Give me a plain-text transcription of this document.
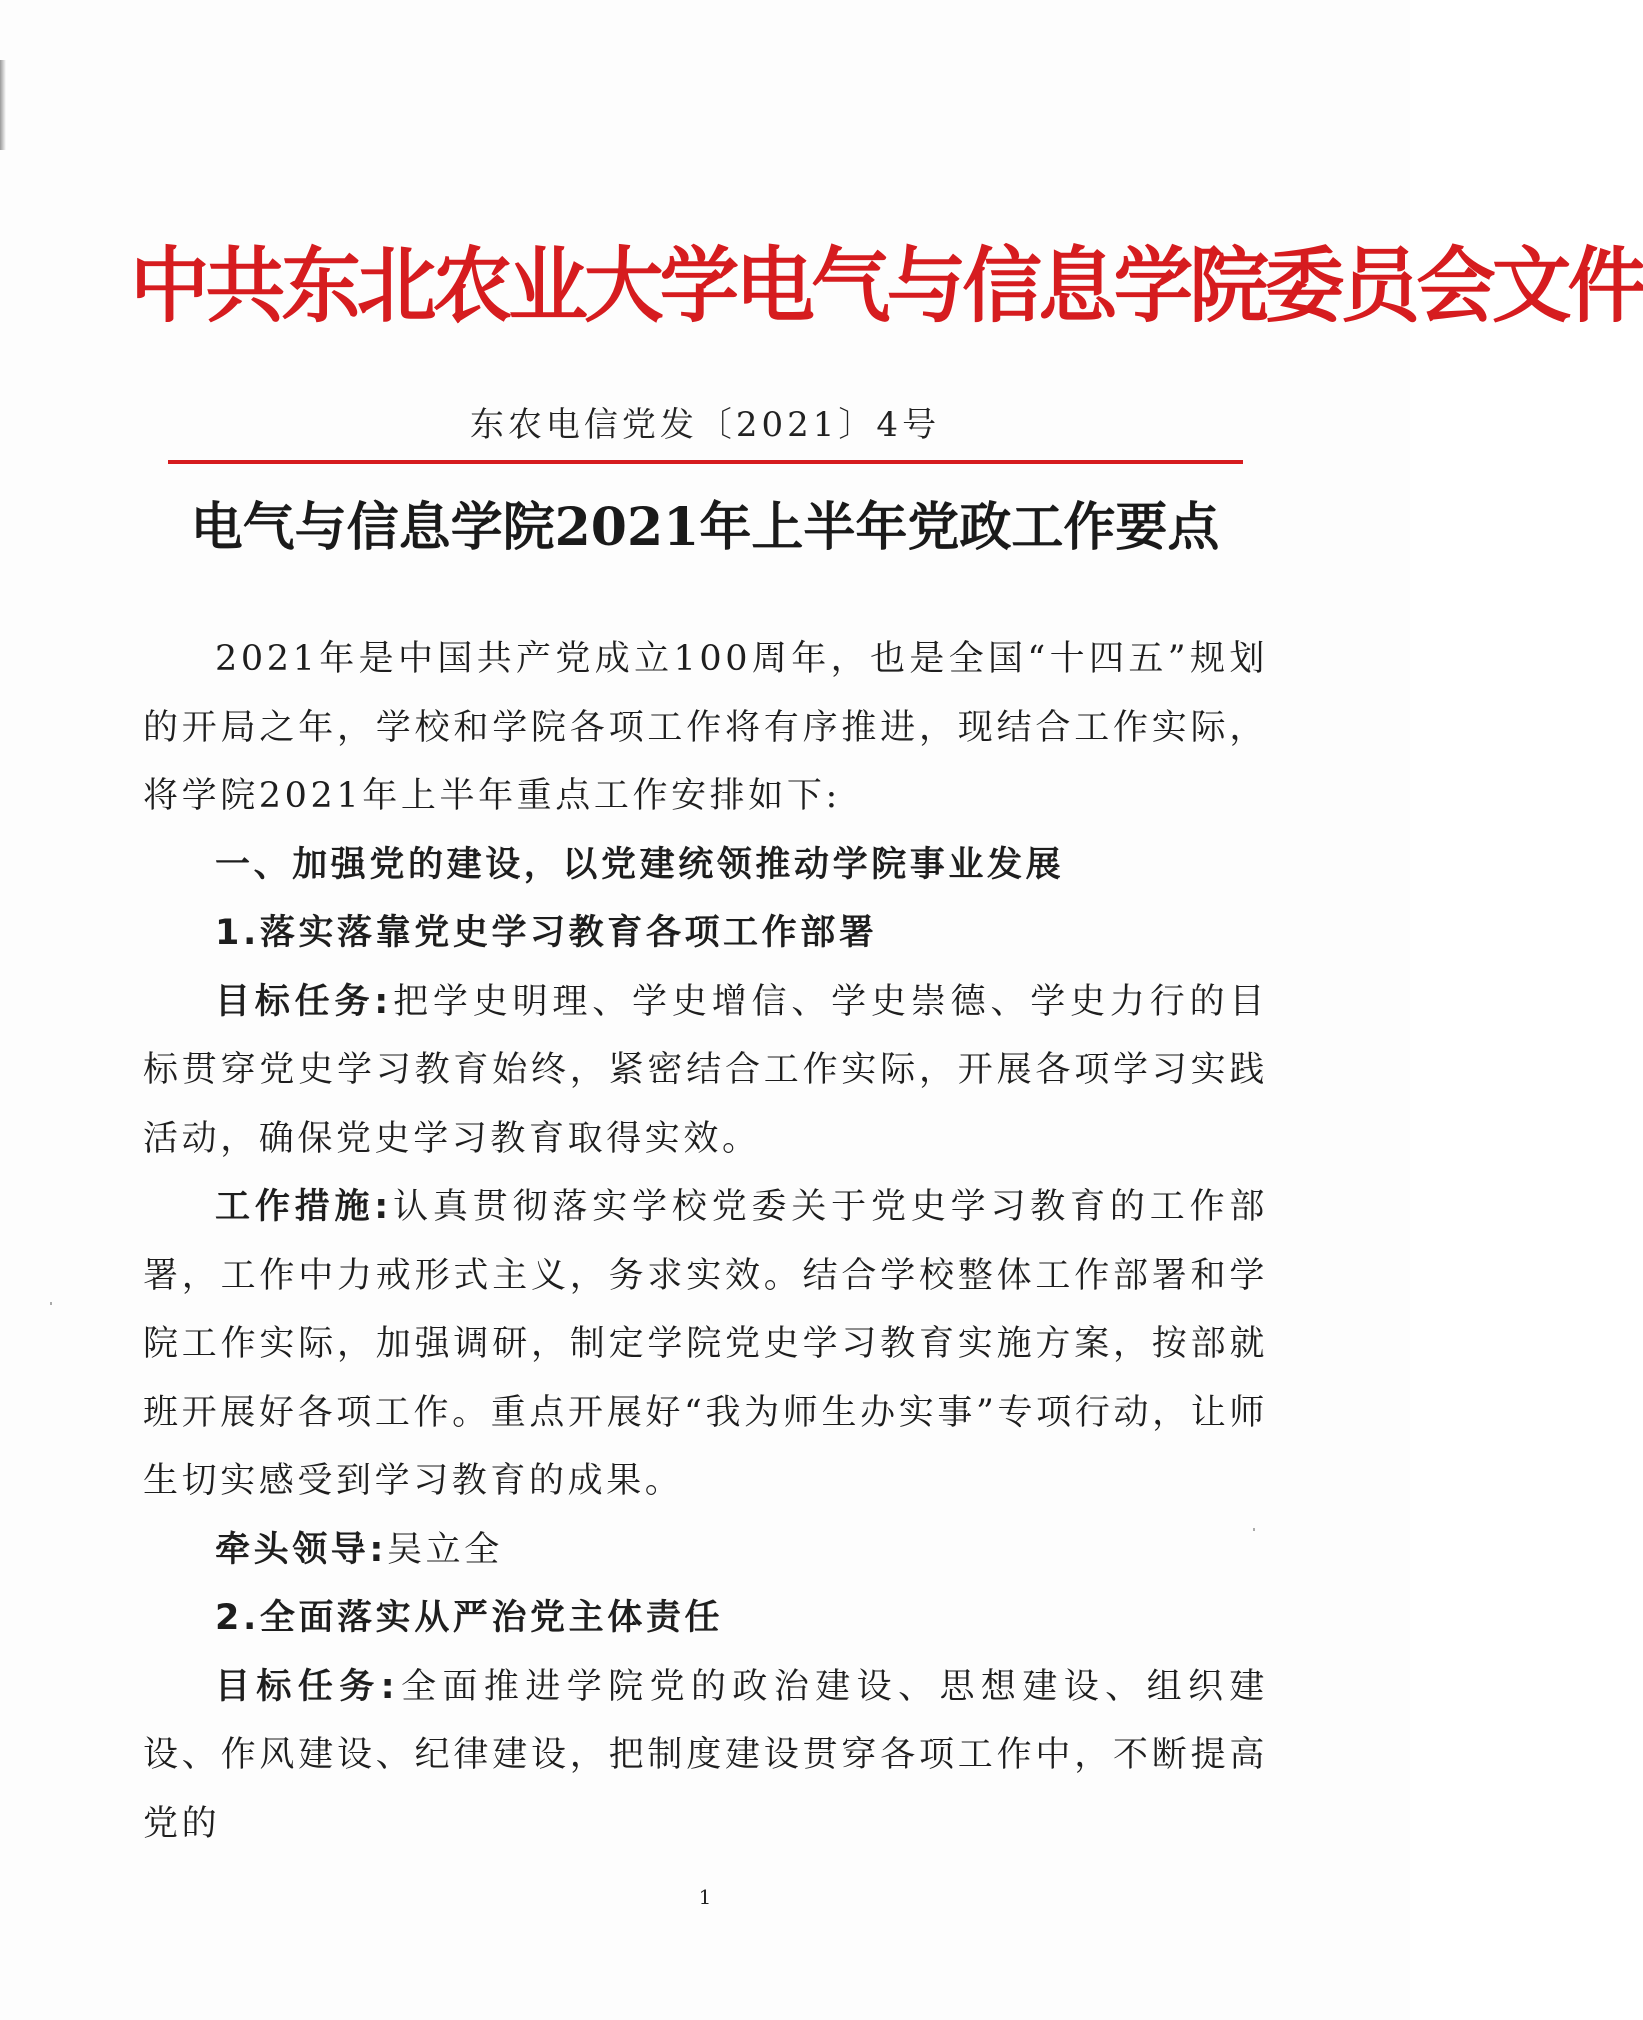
中共东北农业大学电气与信息学院委员会文件
东农电信党发〔2021〕4号
电气与信息学院2021年上半年党政工作要点

2021年是中国共产党成立100周年，也是全国“十四五”规划的开局之年，学校和学院各项工作将有序推进，现结合工作实际，将学院2021年上半年重点工作安排如下:

一、加强党的建设，以党建统领推动学院事业发展

1.落实落靠党史学习教育各项工作部署

目标任务:把学史明理、学史增信、学史崇德、学史力行的目标贯穿党史学习教育始终，紧密结合工作实际，开展各项学习实践活动，确保党史学习教育取得实效。

工作措施:认真贯彻落实学校党委关于党史学习教育的工作部署，工作中力戒形式主义，务求实效。结合学校整体工作部署和学院工作实际，加强调研，制定学院党史学习教育实施方案，按部就班开展好各项工作。重点开展好“我为师生办实事”专项行动，让师生切实感受到学习教育的成果。

牵头领导:吴立全

2.全面落实从严治党主体责任

目标任务:全面推进学院党的政治建设、思想建设、组织建设、作风建设、纪律建设，把制度建设贯穿各项工作中，不断提高党的

1
